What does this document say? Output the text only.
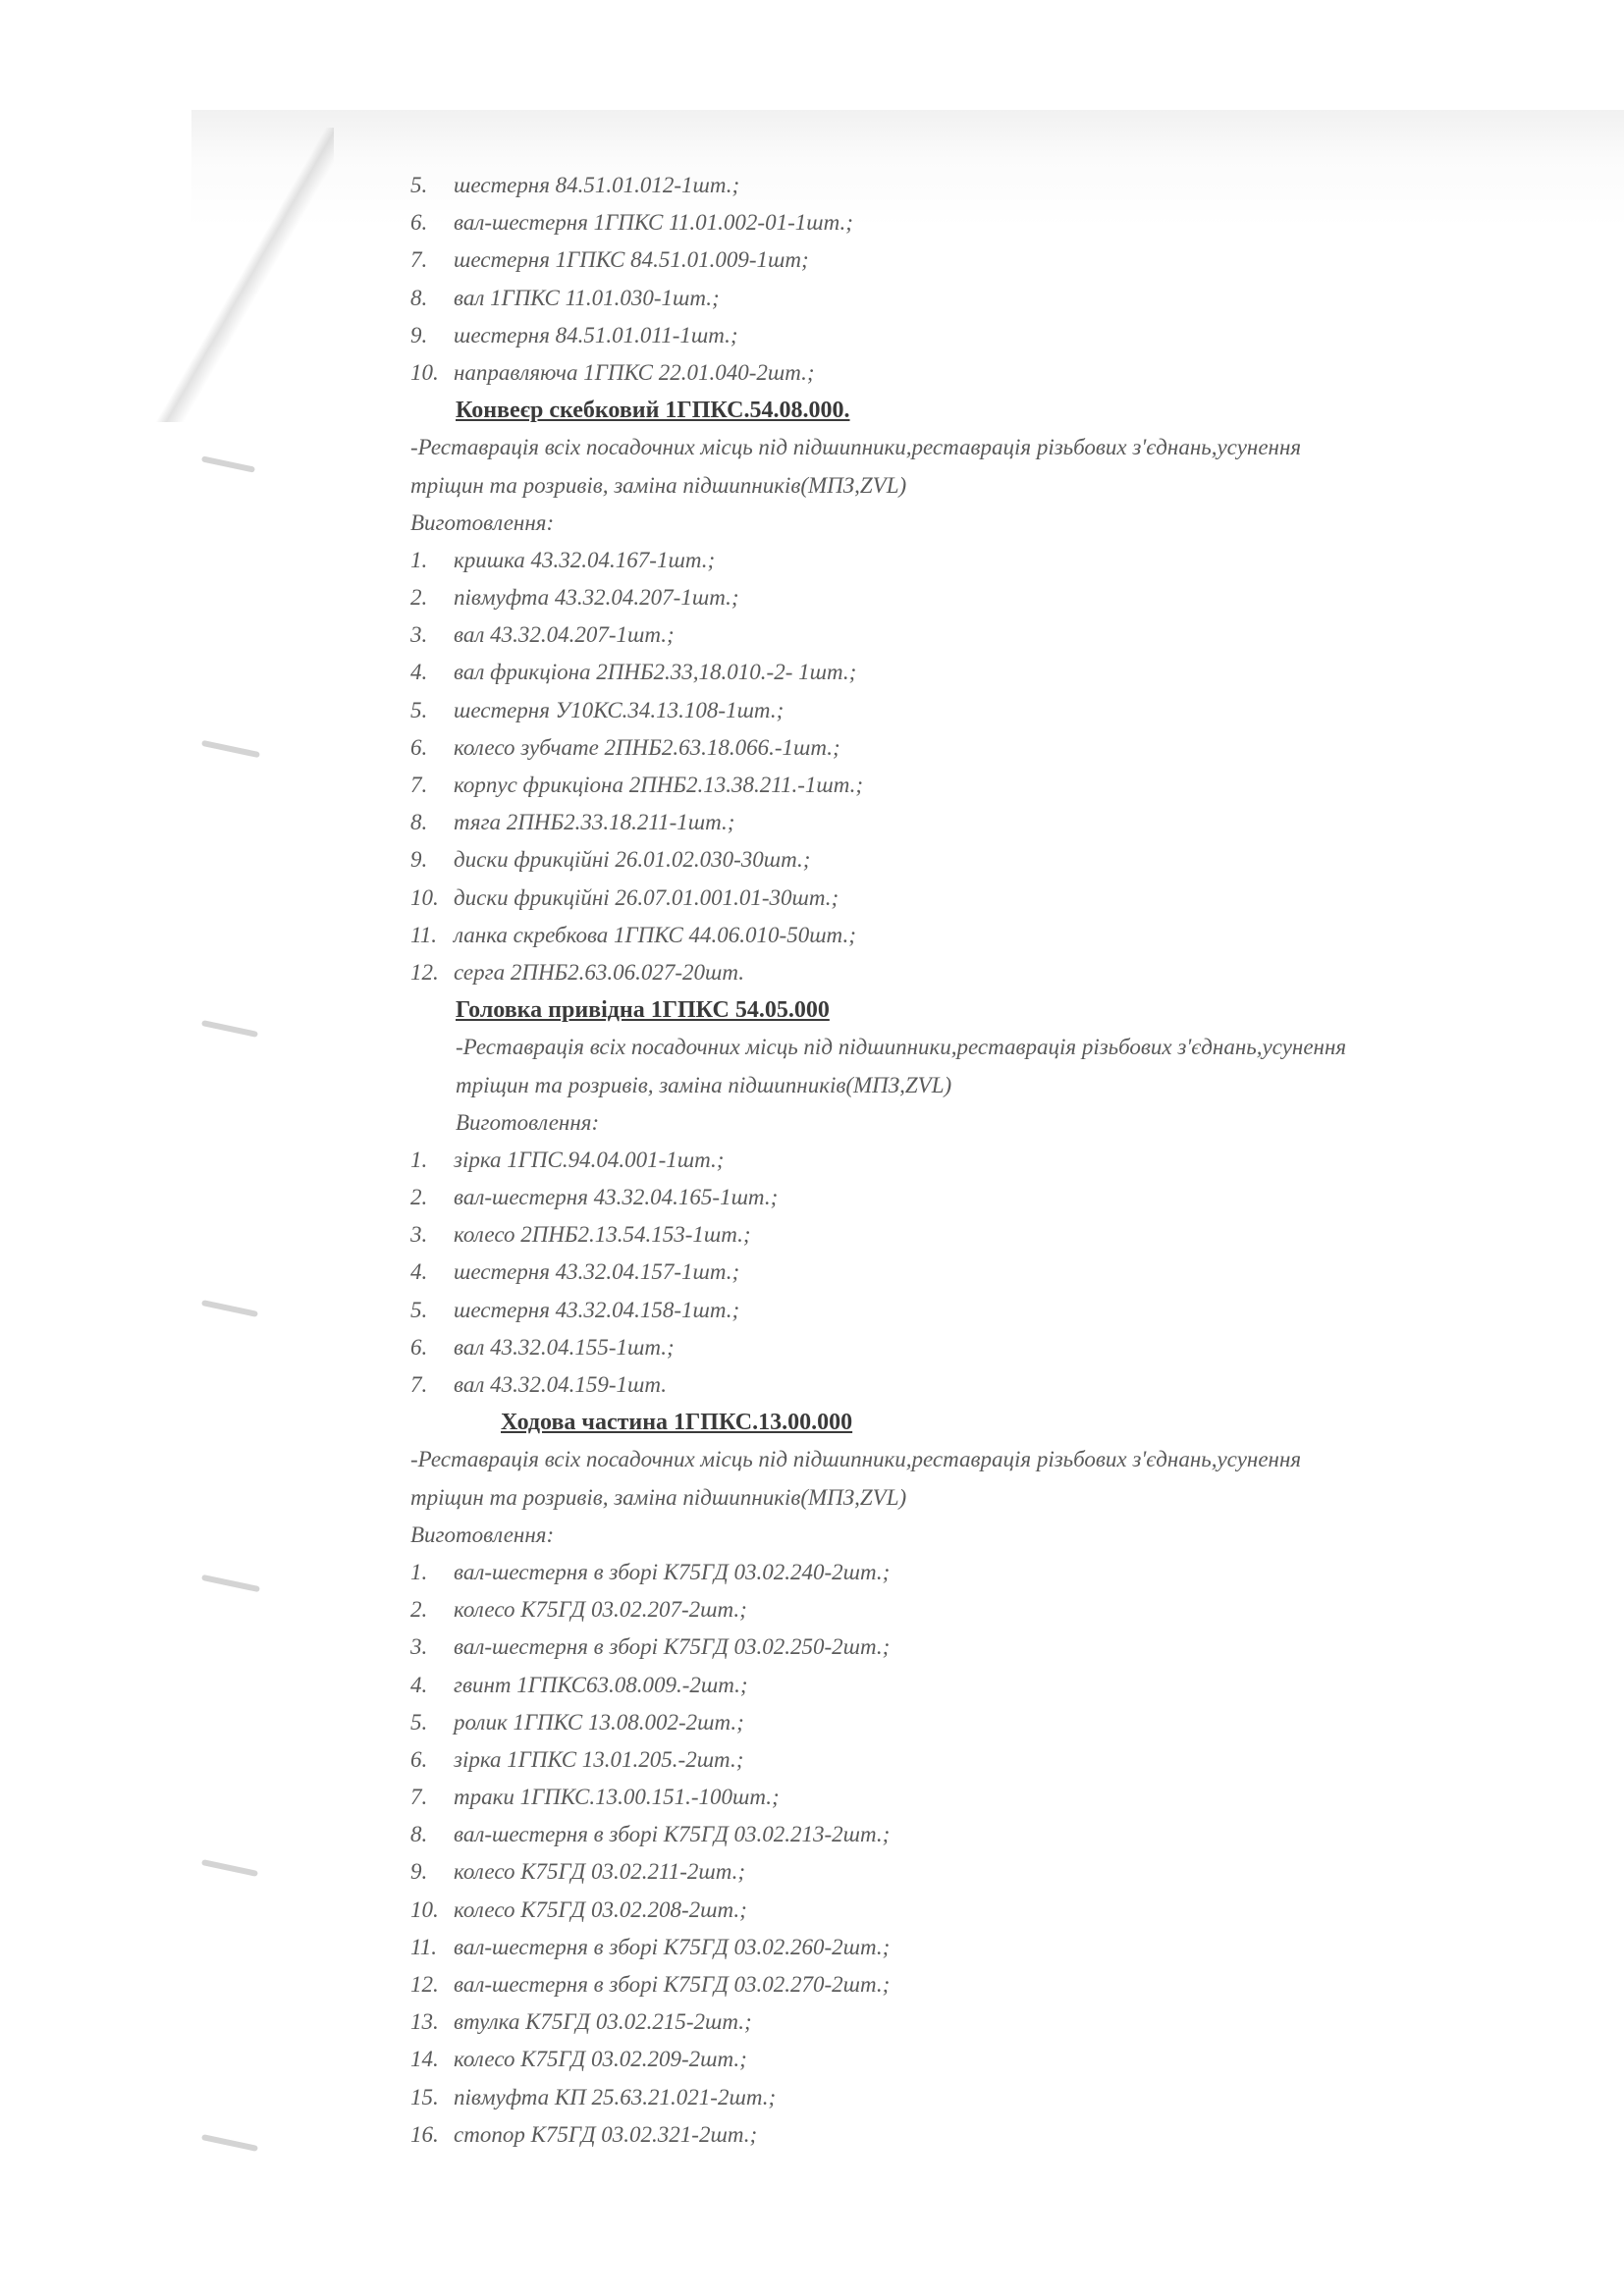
5. шестерня 84.51.01.012-1шт.;
6. вал-шестерня 1ГПКС 11.01.002-01-1шт.;
7. шестерня 1ГПКС 84.51.01.009-1шт;
8. вал 1ГПКС 11.01.030-1шт.;
9. шестерня 84.51.01.011-1шт.;
10. направляюча 1ГПКС 22.01.040-2шт.;
Конвеєр скебковий 1ГПКС.54.08.000.
-Реставрація всіх посадочних місць під підшипники,реставрація різьбових з'єднань,усунення
тріщин та розривів, заміна підшипників(МПЗ,ZVL)
Виготовлення:
1. кришка 43.32.04.167-1шт.;
2. півмуфта 43.32.04.207-1шт.;
3. вал 43.32.04.207-1шт.;
4. вал фрикціона 2ПНБ2.33,18.010.-2- 1шт.;
5. шестерня У10КС.34.13.108-1шт.;
6. колесо зубчате 2ПНБ2.63.18.066.-1шт.;
7. корпус фрикціона 2ПНБ2.13.38.211.-1шт.;
8. тяга 2ПНБ2.33.18.211-1шт.;
9. диски фрикційні 26.01.02.030-30шт.;
10. диски фрикційні 26.07.01.001.01-30шт.;
11. ланка скребкова 1ГПКС 44.06.010-50шт.;
12. серга 2ПНБ2.63.06.027-20шт.
Головка привідна 1ГПКС 54.05.000
-Реставрація всіх посадочних місць під підшипники,реставрація різьбових з'єднань,усунення
тріщин та розривів, заміна підшипників(МПЗ,ZVL)
Виготовлення:
1. зірка 1ГПС.94.04.001-1шт.;
2. вал-шестерня 43.32.04.165-1шт.;
3. колесо 2ПНБ2.13.54.153-1шт.;
4. шестерня 43.32.04.157-1шт.;
5. шестерня 43.32.04.158-1шт.;
6. вал 43.32.04.155-1шт.;
7. вал 43.32.04.159-1шт.
Ходова частина 1ГПКС.13.00.000
-Реставрація всіх посадочних місць під підшипники,реставрація різьбових з'єднань,усунення
тріщин та розривів, заміна підшипників(МПЗ,ZVL)
Виготовлення:
1. вал-шестерня в зборі К75ГД 03.02.240-2шт.;
2. колесо К75ГД 03.02.207-2шт.;
3. вал-шестерня в зборі К75ГД 03.02.250-2шт.;
4. гвинт 1ГПКС63.08.009.-2шт.;
5. ролик 1ГПКС 13.08.002-2шт.;
6. зірка 1ГПКС 13.01.205.-2шт.;
7. траки 1ГПКС.13.00.151.-100шт.;
8. вал-шестерня в зборі К75ГД 03.02.213-2шт.;
9. колесо К75ГД 03.02.211-2шт.;
10. колесо К75ГД 03.02.208-2шт.;
11. вал-шестерня в зборі К75ГД 03.02.260-2шт.;
12. вал-шестерня в зборі К75ГД 03.02.270-2шт.;
13. втулка К75ГД 03.02.215-2шт.;
14. колесо К75ГД 03.02.209-2шт.;
15. півмуфта КП 25.63.21.021-2шт.;
16. стопор К75ГД 03.02.321-2шт.;
